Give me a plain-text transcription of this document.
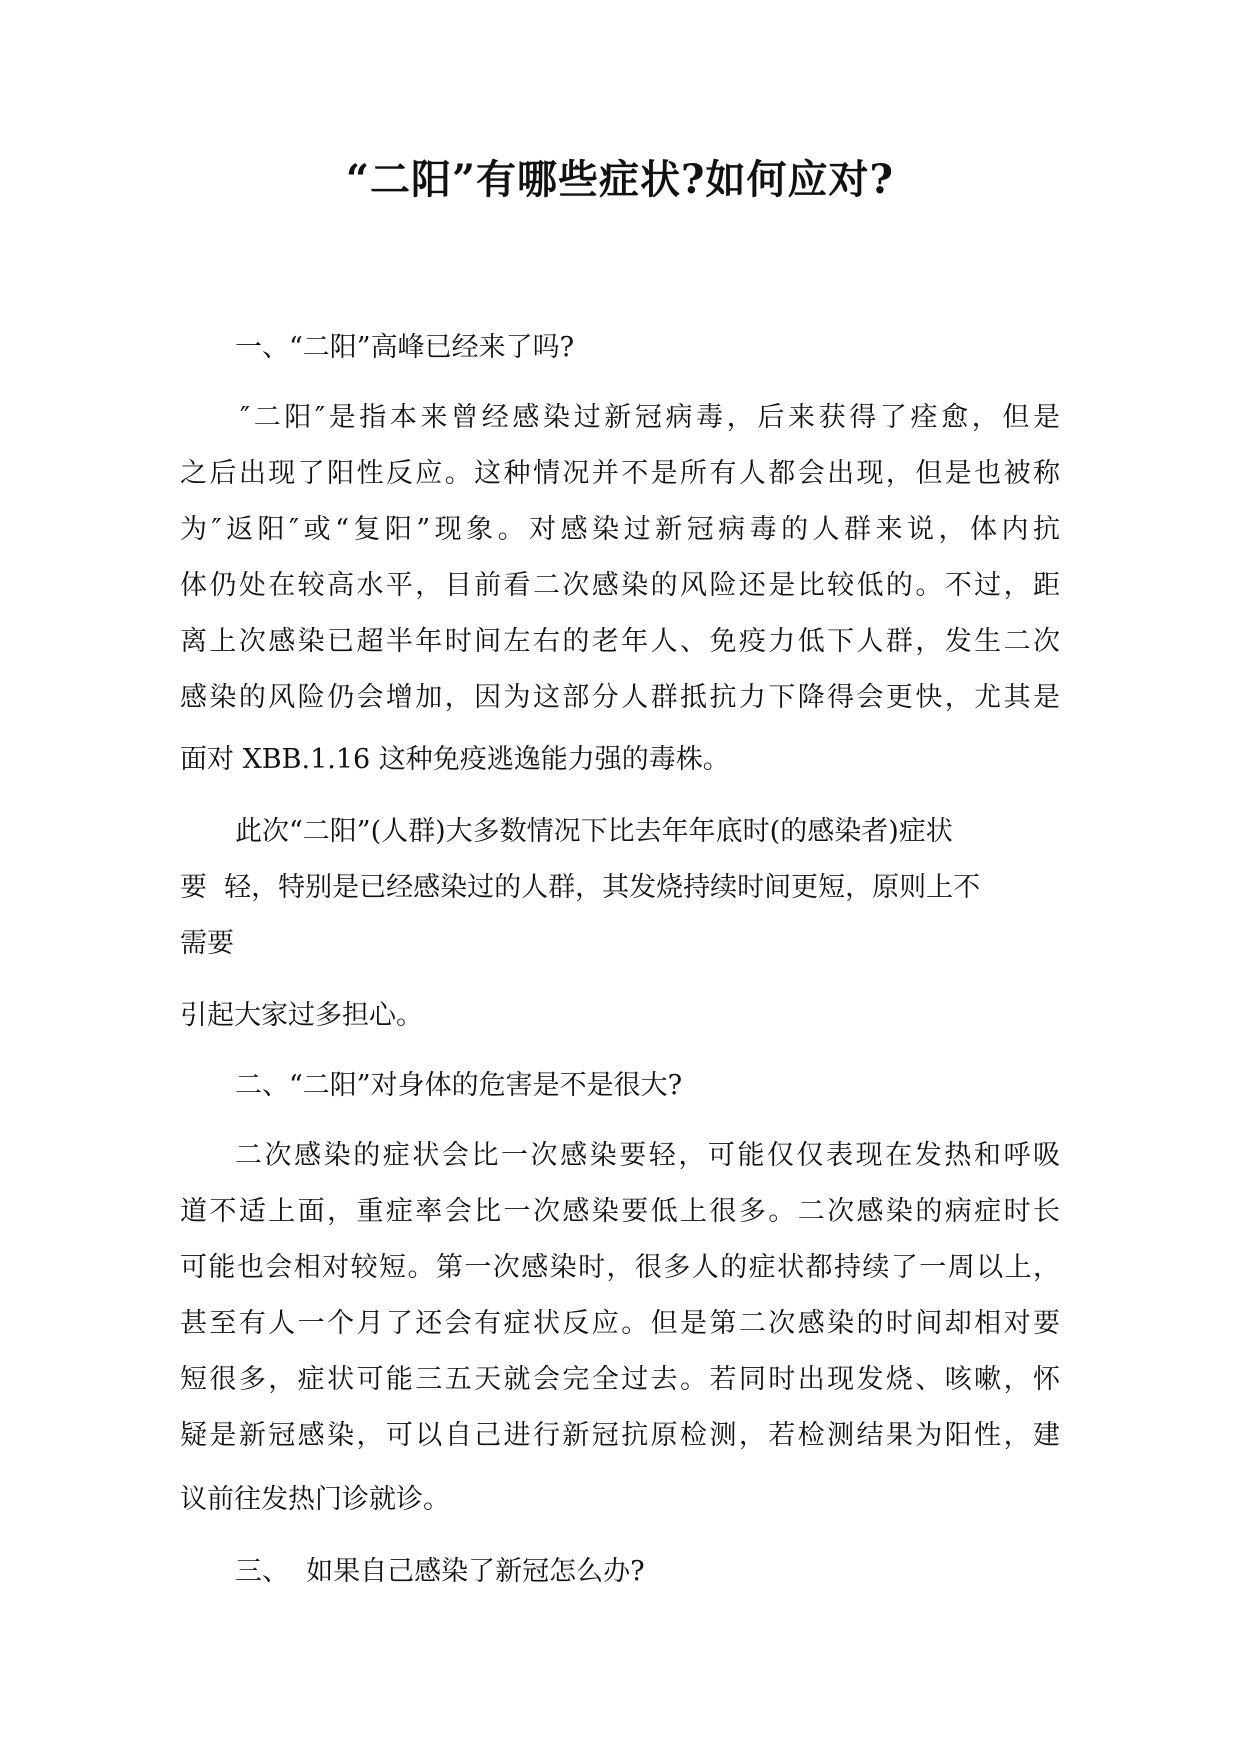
“二阳”有哪些症状?如何应对?
一、“二阳”高峰已经来了吗?
″二阳″是指本来曾经感染过新冠病毒，后来获得了痊愈，但是
之后出现了阳性反应。这种情况并不是所有人都会出现，但是也被称
为″返阳″或“复阳”现象。对感染过新冠病毒的人群来说，体内抗
体仍处在较高水平，目前看二次感染的风险还是比较低的。不过，距
离上次感染已超半年时间左右的老年人、免疫力低下人群，发生二次
感染的风险仍会增加，因为这部分人群抵抗力下降得会更快，尤其是
面对 XBB.1.16 这种免疫逃逸能力强的毒株。
此次“二阳”(人群)大多数情况下比去年年底时(的感染者)症状
要  轻，特别是已经感染过的人群，其发烧持续时间更短，原则上不
需要
引起大家过多担心。
二、“二阳”对身体的危害是不是很大?
二次感染的症状会比一次感染要轻，可能仅仅表现在发热和呼吸
道不适上面，重症率会比一次感染要低上很多。二次感染的病症时长
可能也会相对较短。第一次感染时，很多人的症状都持续了一周以上，
甚至有人一个月了还会有症状反应。但是第二次感染的时间却相对要
短很多，症状可能三五天就会完全过去。若同时出现发烧、咳嗽，怀
疑是新冠感染，可以自己进行新冠抗原检测，若检测结果为阳性，建
议前往发热门诊就诊。
三、  如果自己感染了新冠怎么办?
